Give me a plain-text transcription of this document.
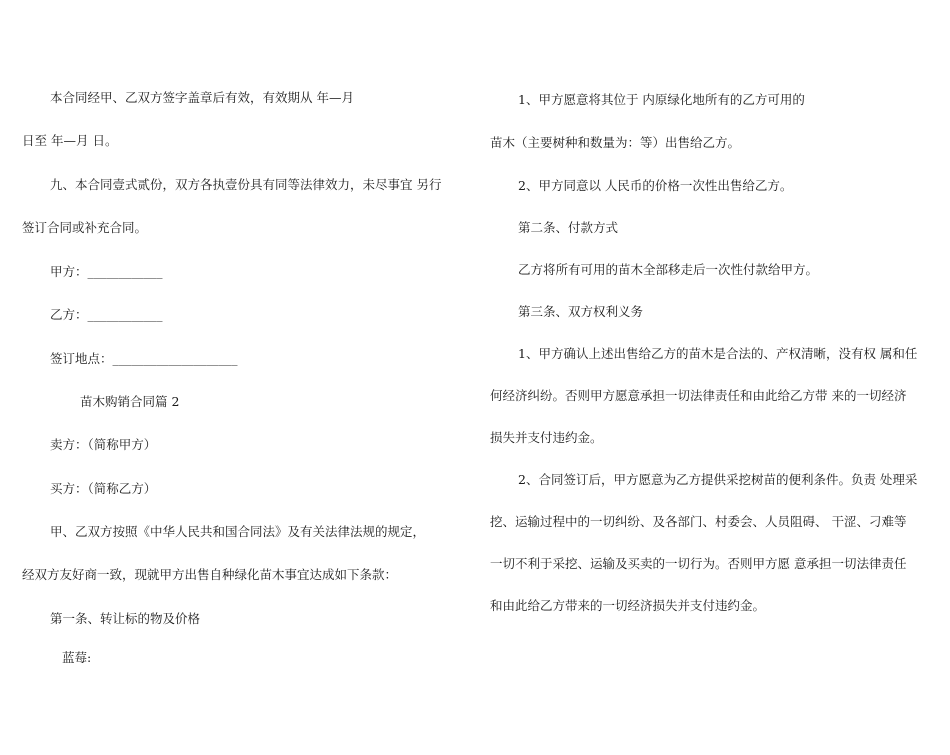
本合同经甲、乙双方签字盖章后有效，有效期从 年—月
日至 年—月 日。
九、本合同壹式贰份，双方各执壹份具有同等法律效力，未尽事宜 另行
签订合同或补充合同。
甲方：____________
乙方：____________
签订地点：____________________
苗木购销合同篇 2
卖方：（简称甲方）
买方：（简称乙方）
甲、乙双方按照《中华人民共和国合同法》及有关法律法规的规定，
经双方友好商一致，现就甲方出售自种绿化苗木事宜达成如下条款：
第一条、转让标的物及价格
蓝莓:
1、甲方愿意将其位于 内原绿化地所有的乙方可用的
苗木（主要树种和数量为：等）出售给乙方。
2、甲方同意以 人民币的价格一次性出售给乙方。
第二条、付款方式
乙方将所有可用的苗木全部移走后一次性付款给甲方。
第三条、双方权利义务
1、甲方确认上述出售给乙方的苗木是合法的、产权清晰，没有权 属和任
何经济纠纷。否则甲方愿意承担一切法律责任和由此给乙方带 来的一切经济
损失并支付违约金。
2、合同签订后，甲方愿意为乙方提供采挖树苗的便利条件。负责 处理采
挖、运输过程中的一切纠纷、及各部门、村委会、人员阻碍、 干涩、刁难等
一切不利于采挖、运输及买卖的一切行为。否则甲方愿 意承担一切法律责任
和由此给乙方带来的一切经济损失并支付违约金。
